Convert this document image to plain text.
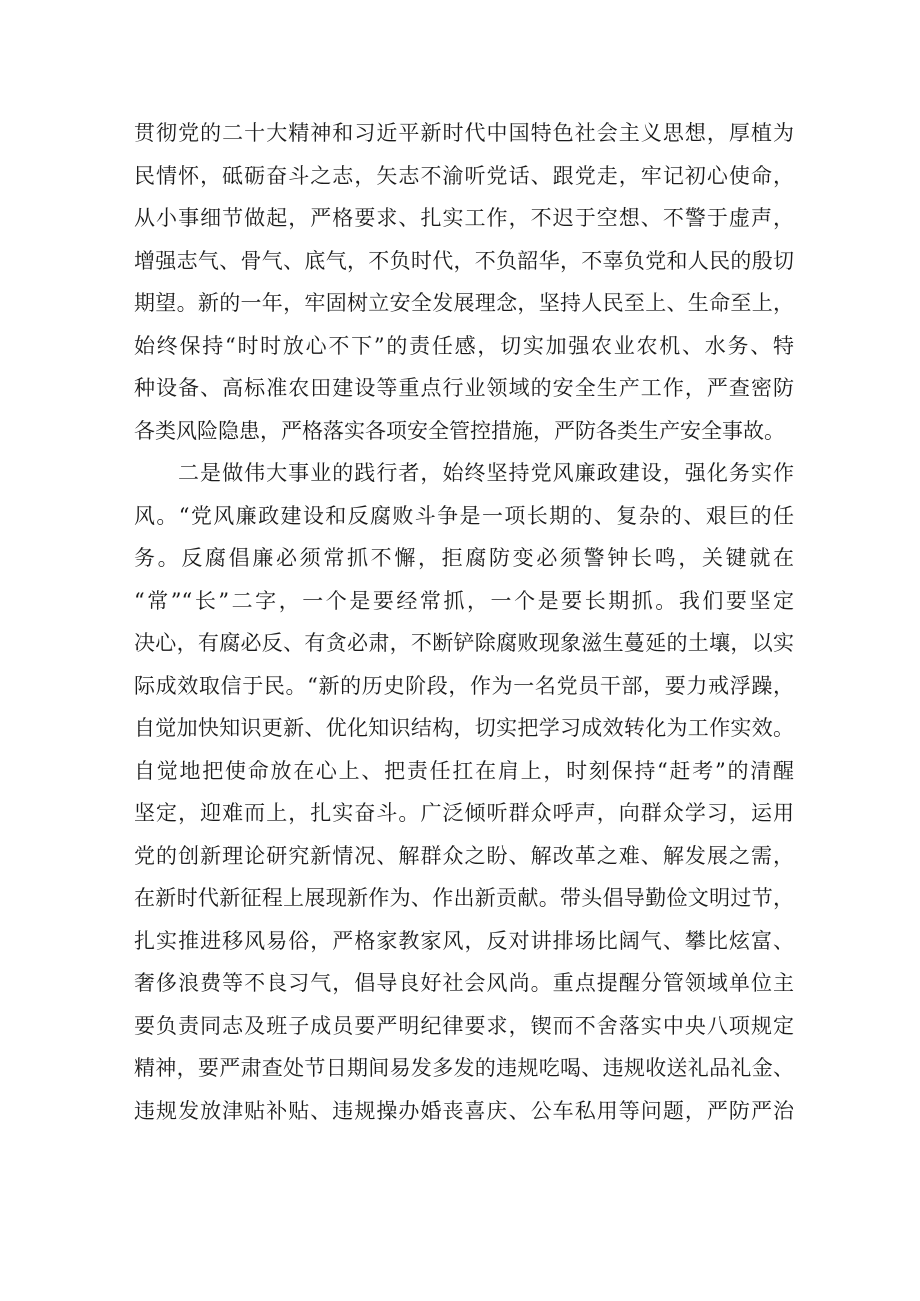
贯彻党的二十大精神和习近平新时代中国特色社会主义思想，厚植为
民情怀，砥砺奋斗之志，矢志不渝听党话、跟党走，牢记初心使命，
从小事细节做起，严格要求、扎实工作，不迟于空想、不警于虚声，
增强志气、骨气、底气，不负时代，不负韶华，不辜负党和人民的殷切
期望。新的一年，牢固树立安全发展理念，坚持人民至上、生命至上，
始终保持“时时放心不下”的责任感，切实加强农业农机、水务、特
种设备、高标准农田建设等重点行业领域的安全生产工作，严查密防
各类风险隐患，严格落实各项安全管控措施，严防各类生产安全事故。
二是做伟大事业的践行者，始终坚持党风廉政建设，强化务实作
风。“党风廉政建设和反腐败斗争是一项长期的、复杂的、艰巨的任
务。反腐倡廉必须常抓不懈，拒腐防变必须警钟长鸣，关键就在
“常”“长”二字，一个是要经常抓，一个是要长期抓。我们要坚定
决心，有腐必反、有贪必肃，不断铲除腐败现象滋生蔓延的土壤，以实
际成效取信于民。“新的历史阶段，作为一名党员干部，要力戒浮躁，
自觉加快知识更新、优化知识结构，切实把学习成效转化为工作实效。
自觉地把使命放在心上、把责任扛在肩上，时刻保持“赶考”的清醒
坚定，迎难而上，扎实奋斗。广泛倾听群众呼声，向群众学习，运用
党的创新理论研究新情况、解群众之盼、解改革之难、解发展之需，
在新时代新征程上展现新作为、作出新贡献。带头倡导勤俭文明过节，
扎实推进移风易俗，严格家教家风，反对讲排场比阔气、攀比炫富、
奢侈浪费等不良习气，倡导良好社会风尚。重点提醒分管领域单位主
要负责同志及班子成员要严明纪律要求，锲而不舍落实中央八项规定
精神，要严肃查处节日期间易发多发的违规吃喝、违规收送礼品礼金、
违规发放津贴补贴、违规操办婚丧喜庆、公车私用等问题，严防严治
